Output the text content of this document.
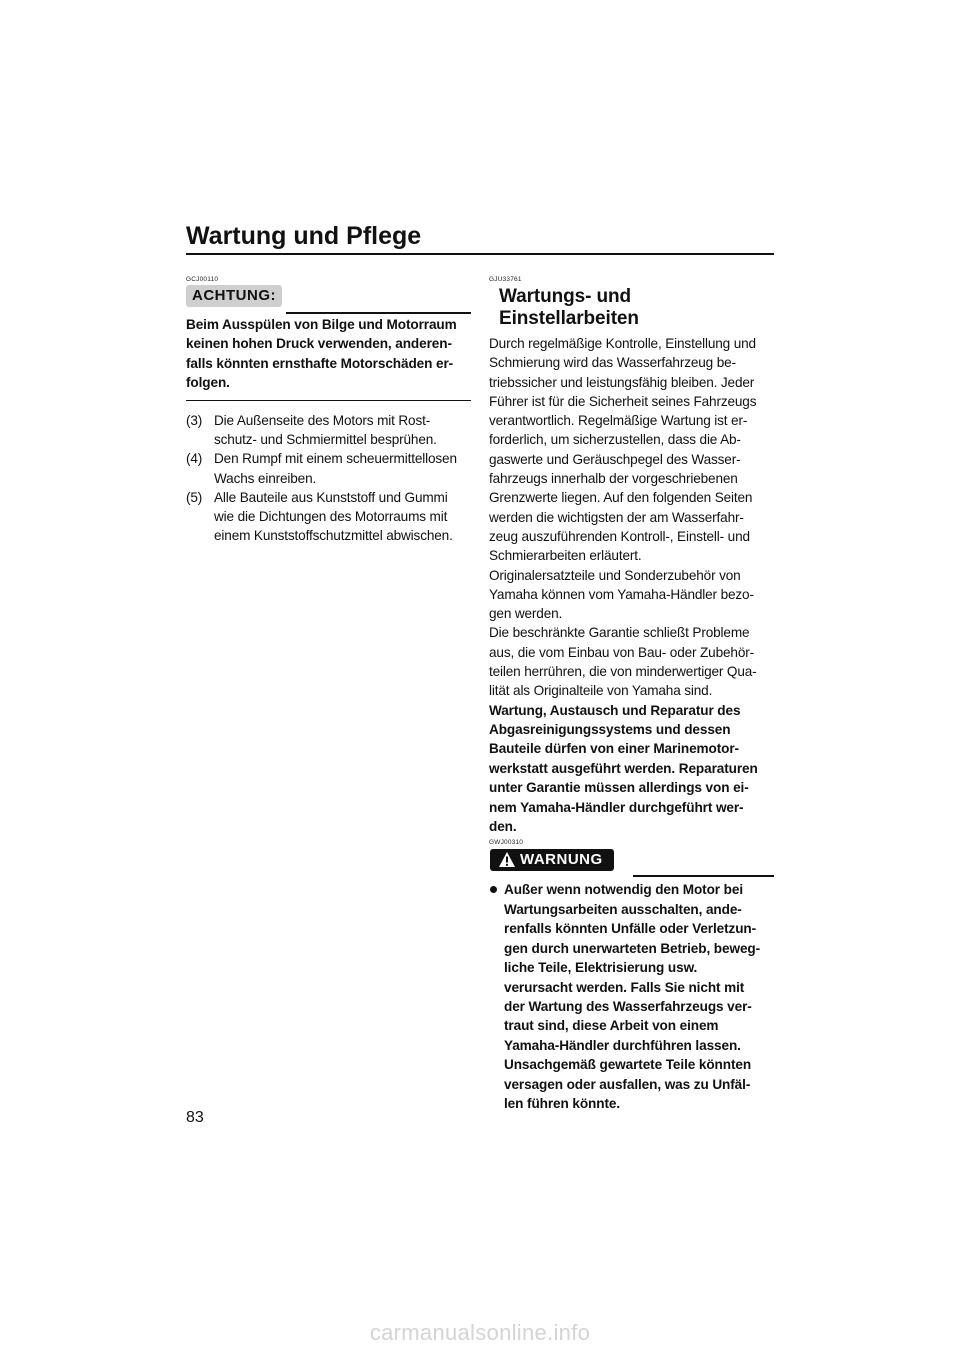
Wartung und Pflege
GCJ00110
ACHTUNG:
Beim Ausspülen von Bilge und Motorraum
keinen hohen Druck verwenden, anderen-
falls könnten ernsthafte Motorschäden er-
folgen.
(3) Die Außenseite des Motors mit Rost-
schutz- und Schmiermittel besprühen.
(4) Den Rumpf mit einem scheuermittellosen
Wachs einreiben.
(5) Alle Bauteile aus Kunststoff und Gummi
wie die Dichtungen des Motorraums mit
einem Kunststoffschutzmittel abwischen.
GJU33761
Wartungs- und Einstellarbeiten
Durch regelmäßige Kontrolle, Einstellung und
Schmierung wird das Wasserfahrzeug be-
triebssicher und leistungsfähig bleiben. Jeder
Führer ist für die Sicherheit seines Fahrzeugs
verantwortlich. Regelmäßige Wartung ist er-
forderlich, um sicherzustellen, dass die Ab-
gaswerte und Geräuschpegel des Wasser-
fahrzeugs innerhalb der vorgeschriebenen
Grenzwerte liegen. Auf den folgenden Seiten
werden die wichtigsten der am Wasserfahr-
zeug auszuführenden Kontroll-, Einstell- und
Schmierarbeiten erläutert.
Originalersatzteile und Sonderzubehör von
Yamaha können vom Yamaha-Händler bezo-
gen werden.
Die beschränkte Garantie schließt Probleme
aus, die vom Einbau von Bau- oder Zubehör-
teilen herrühren, die von minderwertiger Qua-
lität als Originalteile von Yamaha sind.
Wartung, Austausch und Reparatur des
Abgasreinigungssystems und dessen
Bauteile dürfen von einer Marinemotor-
werkstatt ausgeführt werden. Reparaturen
unter Garantie müssen allerdings von ei-
nem Yamaha-Händler durchgeführt wer-
den.
GWJ00310
WARNUNG
Außer wenn notwendig den Motor bei
Wartungsarbeiten ausschalten, ande-
renfalls könnten Unfälle oder Verletzun-
gen durch unerwarteten Betrieb, beweg-
liche Teile, Elektrisierung usw.
verursacht werden. Falls Sie nicht mit
der Wartung des Wasserfahrzeugs ver-
traut sind, diese Arbeit von einem
Yamaha-Händler durchführen lassen.
Unsachgemäß gewartete Teile könnten
versagen oder ausfallen, was zu Unfäl-
len führen könnte.
83
carmanualsonline.info
